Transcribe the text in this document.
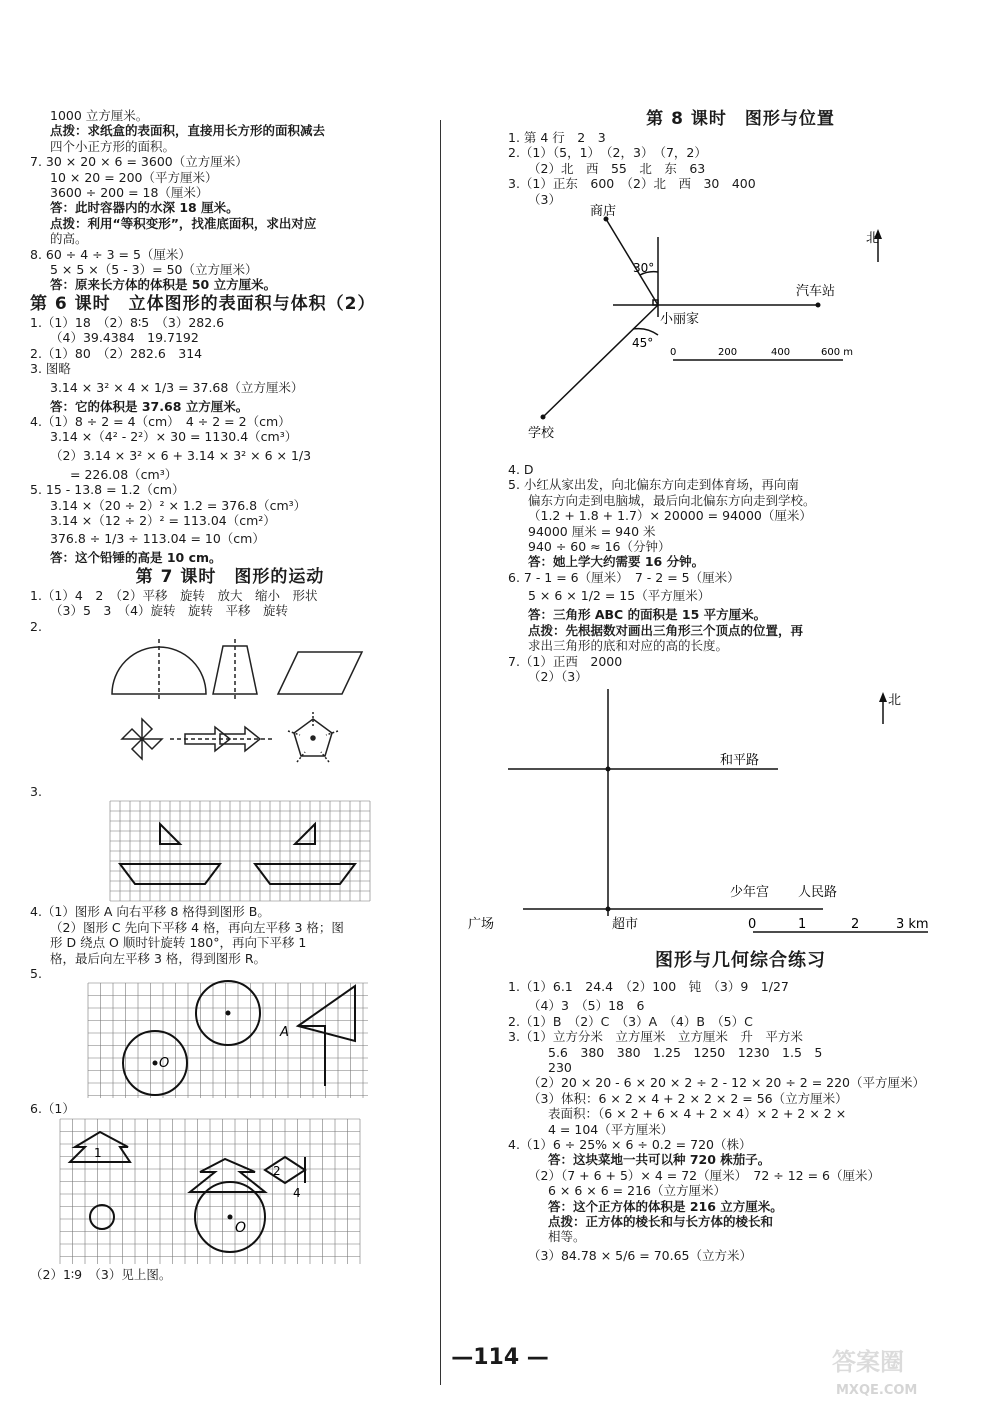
1000 立方厘米。
点拨：求纸盒的表面积，直接用长方形的面积减去
四个小正方形的面积。
7. 30 × 20 × 6 = 3600（立方厘米）
10 × 20 = 200（平方厘米）
3600 ÷ 200 = 18（厘米）
答：此时容器内的水深 18 厘米。
点拨：利用“等积变形”，找准底面积，求出对应
的高。
8. 60 ÷ 4 ÷ 3 = 5（厘米）
5 × 5 ×（5 - 3）= 50（立方厘米）
答：原来长方体的体积是 50 立方厘米。
第 6 课时　立体图形的表面积与体积（2）
1.（1）18　（2）8∶5　（3）282.6
（4）39.4384　19.7192
2.（1）80　（2）282.6　314
3. 图略
3.14 × 3² × 4 × 1/3 = 37.68（立方厘米）
答：它的体积是 37.68 立方厘米。
4.（1）8 ÷ 2 = 4（cm）　4 ÷ 2 = 2（cm）
3.14 ×（4² - 2²）× 30 = 1130.4（cm³）
（2）3.14 × 3² × 6 + 3.14 × 3² × 6 × 1/3
= 226.08（cm³）
5. 15 - 13.8 = 1.2（cm）
3.14 ×（20 ÷ 2）² × 1.2 = 376.8（cm³）
3.14 ×（12 ÷ 2）² = 113.04（cm²）
376.8 ÷ 1/3 ÷ 113.04 = 10（cm）
答：这个铅锤的高是 10 cm。
第 7 课时　图形的运动
1.（1）4　2　（2）平移　旋转　放大　缩小　形状
（3）5　3　（4）旋转　旋转　平移　旋转
2.
3.
4.（1）图形 A 向右平移 8 格得到图形 B。
（2）图形 C 先向下平移 4 格，再向左平移 3 格；图
形 D 绕点 O 顺时针旋转 180°，再向下平移 1
格，最后向左平移 3 格，得到图形 R。
5.
O
A
6.（1）
O
1
2
4
（2）1∶9　（3）见上图。
第 8 课时　图形与位置
1. 第 4 行　2　3
2.（1）（5，1）　（2，3）　（7，2）
（2）北　西　55　北　东　63
3.（1）正东　600　（2）北　西　30　400
（3）
商店
北
30°
汽车站
小丽家
45°
学校
0	200	400	600 m
4. D
5. 小红从家出发，向北偏东方向走到体育场，再向南
偏东方向走到电脑城，最后向北偏东方向走到学校。
（1.2 + 1.8 + 1.7）× 20000 = 94000（厘米）
94000 厘米 = 940 米
940 ÷ 60 ≈ 16（分钟）
答：她上学大约需要 16 分钟。
6. 7 - 1 = 6（厘米）　7 - 2 = 5（厘米）
5 × 6 × 1/2 = 15（平方厘米）
答：三角形 ABC 的面积是 15 平方厘米。
点拨：先根据数对画出三角形三个顶点的位置，再
求出三角形的底和对应的高的长度。
7.（1）正西　2000
（2）（3）
北
和平路
少年宫 人民路
广场	超市	0	1	2	3 km
图形与几何综合练习
1.（1）6.1　24.4　（2）100　钝　（3）9　1/27
（4）3　（5）18　6
2.（1）B　（2）C　（3）A　（4）B　（5）C
3.（1）立方分米　立方厘米　立方厘米　升　平方米
5.6　380　380　1.25　1250　1230　1.5　5
230
（2）20 × 20 - 6 × 20 × 2 ÷ 2 - 12 × 20 ÷ 2 = 220（平方厘米）
（3）体积：6 × 2 × 4 + 2 × 2 × 2 = 56（立方厘米）
表面积：（6 × 2 + 6 × 4 + 2 × 4）× 2 + 2 × 2 ×
4 = 104（平方厘米）
4.（1）6 ÷ 25% × 6 ÷ 0.2 = 720（株）
答：这块菜地一共可以种 720 株茄子。
（2）（7 + 6 + 5）× 4 = 72（厘米）　72 ÷ 12 = 6（厘米）
6 × 6 × 6 = 216（立方厘米）
答：这个正方体的体积是 216 立方厘米。
点拨：正方体的棱长和与长方体的棱长和
相等。
（3）84.78 × 5/6 = 70.65（立方米）
—114 —	答案圈
MXQE.COM
